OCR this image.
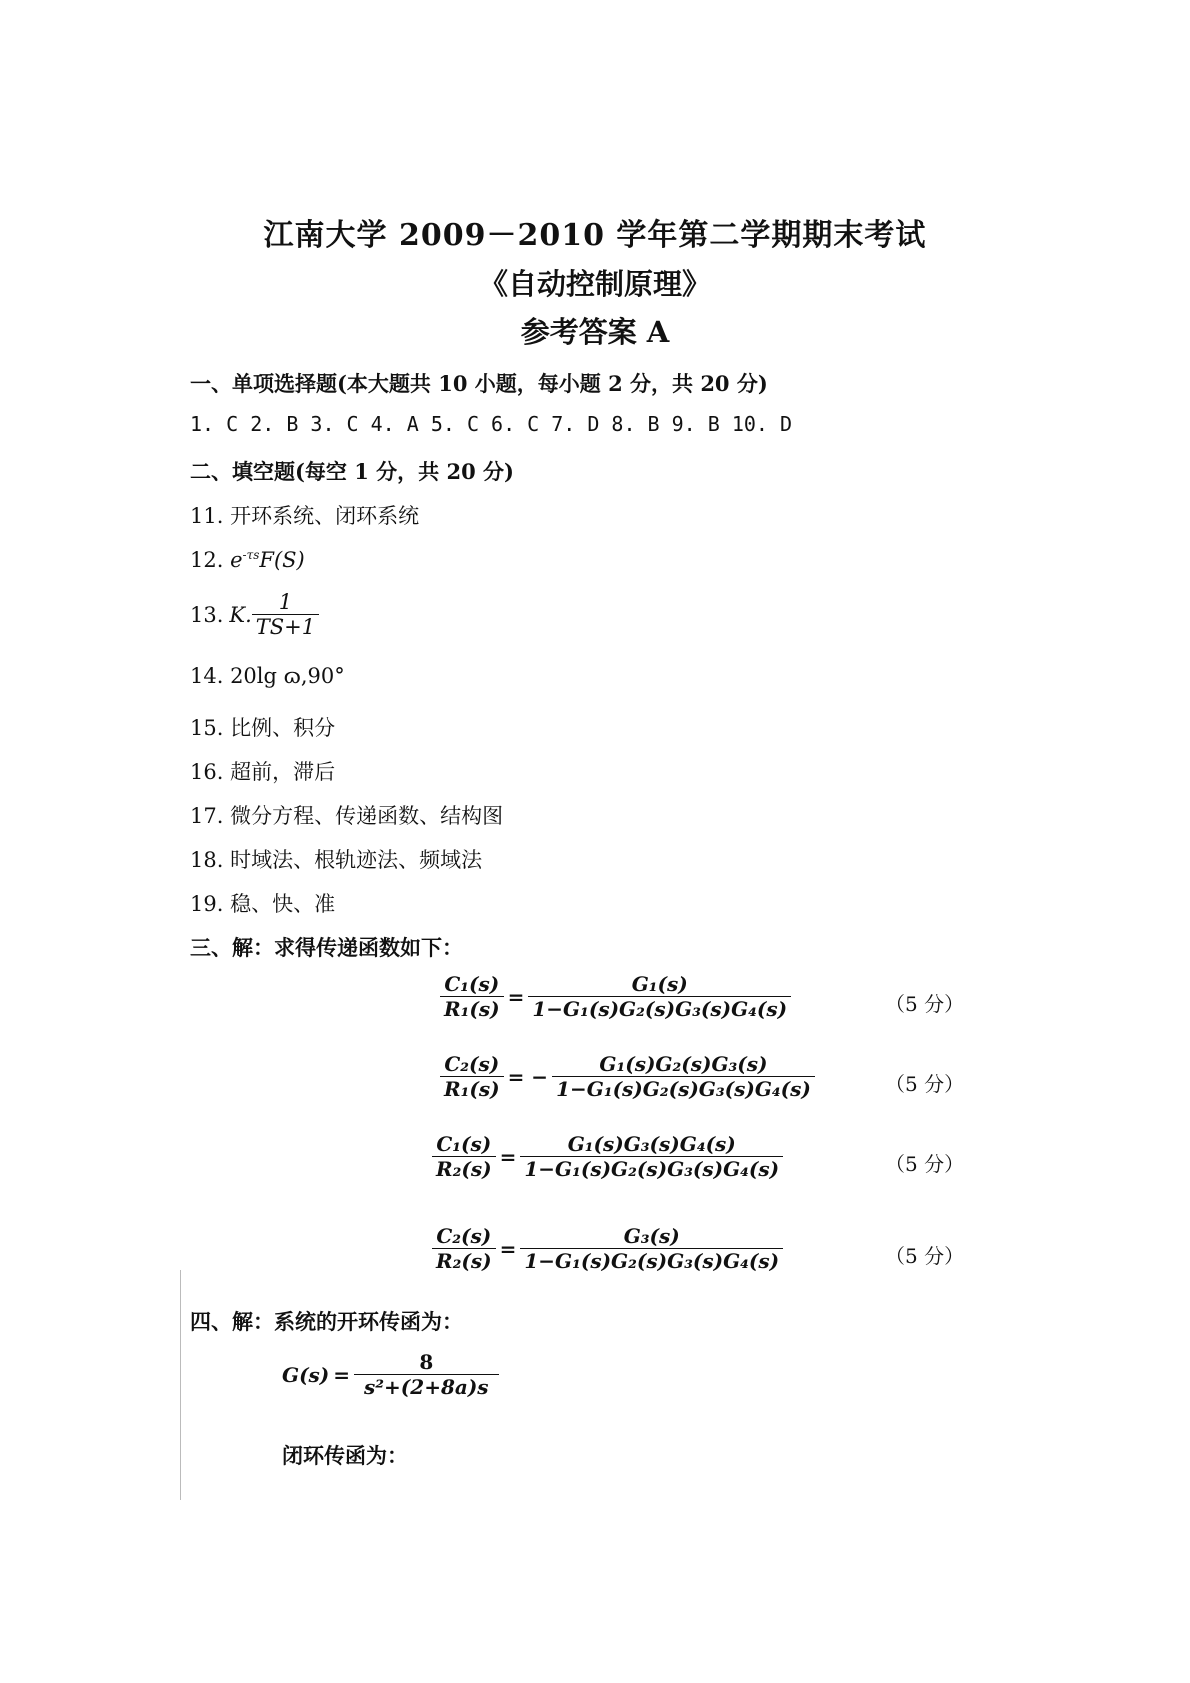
江南大学 2009－2010 学年第二学期期末考试
《自动控制原理》
参考答案 A
一、单项选择题(本大题共 10 小题，每小题 2 分，共 20 分)
1. C 2. B 3. C 4. A 5. C 6. C 7. D 8. B 9. B 10. D
二、填空题(每空 1 分，共 20 分)
11. 开环系统、闭环系统
12. $e^{-\tau s}F(S)$
13. K. $\frac{1}{TS+1}$
14. 20lg ɷ,90°
15. 比例、积分
16. 超前，滞后
17. 微分方程、传递函数、结构图
18. 时域法、根轨迹法、频域法
19. 稳、快、准
三、解：求得传递函数如下：
$\frac{\text{C₁(s)}}{\text{R₁(s)}} = \frac{\text{G₁(s)}}{\text{1−G₁(s)G₂(s)G₃(s)G₄(s)}}$	（5 分）
$\frac{\text{C₂(s)}}{\text{R₁(s)}}$ = − $\frac{\text{G₁(s)G₂(s)G₃(s)}}{\text{1−G₁(s)G₂(s)G₃(s)G₄(s)}}$	（5 分）
$\frac{\text{C₁(s)}}{\text{R₂(s)}} = \frac{\text{G₁(s)G₃(s)G₄(s)}}{\text{1−G₁(s)G₂(s)G₃(s)G₄(s)}}$	（5 分）
$\frac{\text{C₂(s)}}{\text{R₂(s)}} = \frac{\text{G₃(s)}}{\text{1−G₁(s)G₂(s)G₃(s)G₄(s)}}$	（5 分）
四、解：系统的开环传函为：
$G(s) = \frac{8}{\text{s²+(2+8a)s}}$
闭环传函为：
